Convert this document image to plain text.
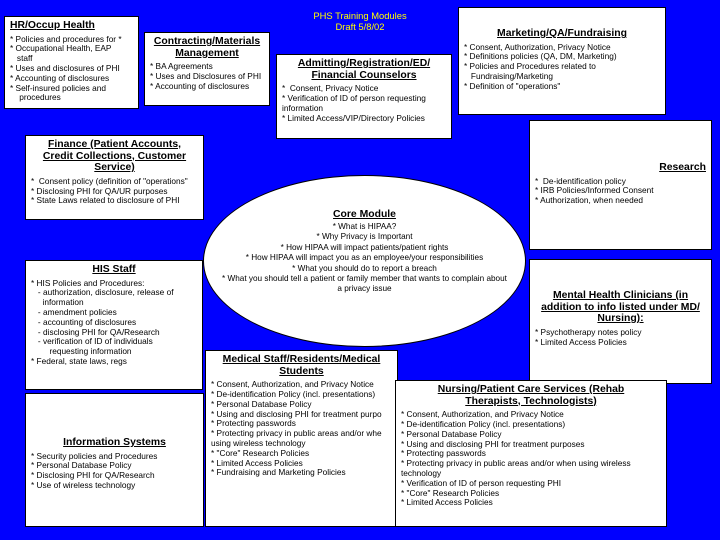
PHS Training Modules
Draft 5/8/02
HR/Occup Health
* Policies and procedures for *
* Occupational Health, EAP
staff
* Uses and disclosures of PHI
* Accounting of disclosures
* Self-insured policies and
procedures
Contracting/Materials Management
* BA Agreements
* Uses and Disclosures of PHI
* Accounting of disclosures
Admitting/Registration/ED/ Financial Counselors
*  Consent, Privacy Notice
* Verification of ID of person requesting
information
* Limited Access/VIP/Directory Policies
Marketing/QA/Fundraising
* Consent, Authorization, Privacy Notice
* Definitions policies (QA, DM, Marketing)
* Policies and Procedures related to
Fundraising/Marketing
* Definition of "operations"
Finance (Patient Accounts, Credit Collections, Customer Service)
*  Consent policy (definition of "operations"
* Disclosing PHI for QA/UR purposes
* State Laws related to disclosure of PHI
Research
*  De-identification policy
* IRB Policies/Informed Consent
* Authorization, when needed
Core Module
* What is HIPAA?
* Why Privacy is Important
* How HIPAA will impact patients/patient rights
* How HIPAA will impact you as an employee/your responsibilities
* What you should do to report a breach
* What you should tell a patient or family member that wants to complain about
a privacy issue
HIS Staff
* HIS Policies and Procedures:
- authorization, disclosure, release of
information
- amendment policies
- accounting of disclosures
- disclosing PHI for QA/Research
- verification of ID of individuals
requesting information
* Federal, state laws, regs
Mental Health Clinicians (in addition to info listed under MD/ Nursing):
* Psychotherapy notes policy
* Limited Access Policies
Information Systems
* Security policies and Procedures
* Personal Database Policy
* Disclosing PHI for QA/Research
* Use of wireless technology
Medical Staff/Residents/Medical Students
* Consent, Authorization, and Privacy Notice
* De-identification Policy (incl. presentations)
* Personal Database Policy
* Using and disclosing PHI for treatment purpo
* Protecting passwords
* Protecting privacy in public areas and/or whe
using wireless technology
* "Core" Research Policies
* Limited Access Policies
* Fundraising and Marketing Policies
Nursing/Patient Care Services (Rehab Therapists, Technologists)
* Consent, Authorization, and Privacy Notice
* De-identification Policy (incl. presentations)
* Personal Database Policy
* Using and disclosing PHI for treatment purposes
* Protecting passwords
* Protecting privacy in public areas and/or when using wireless
technology
* Verification of ID of person requesting PHI
* "Core" Research Policies
* Limited Access Policies
